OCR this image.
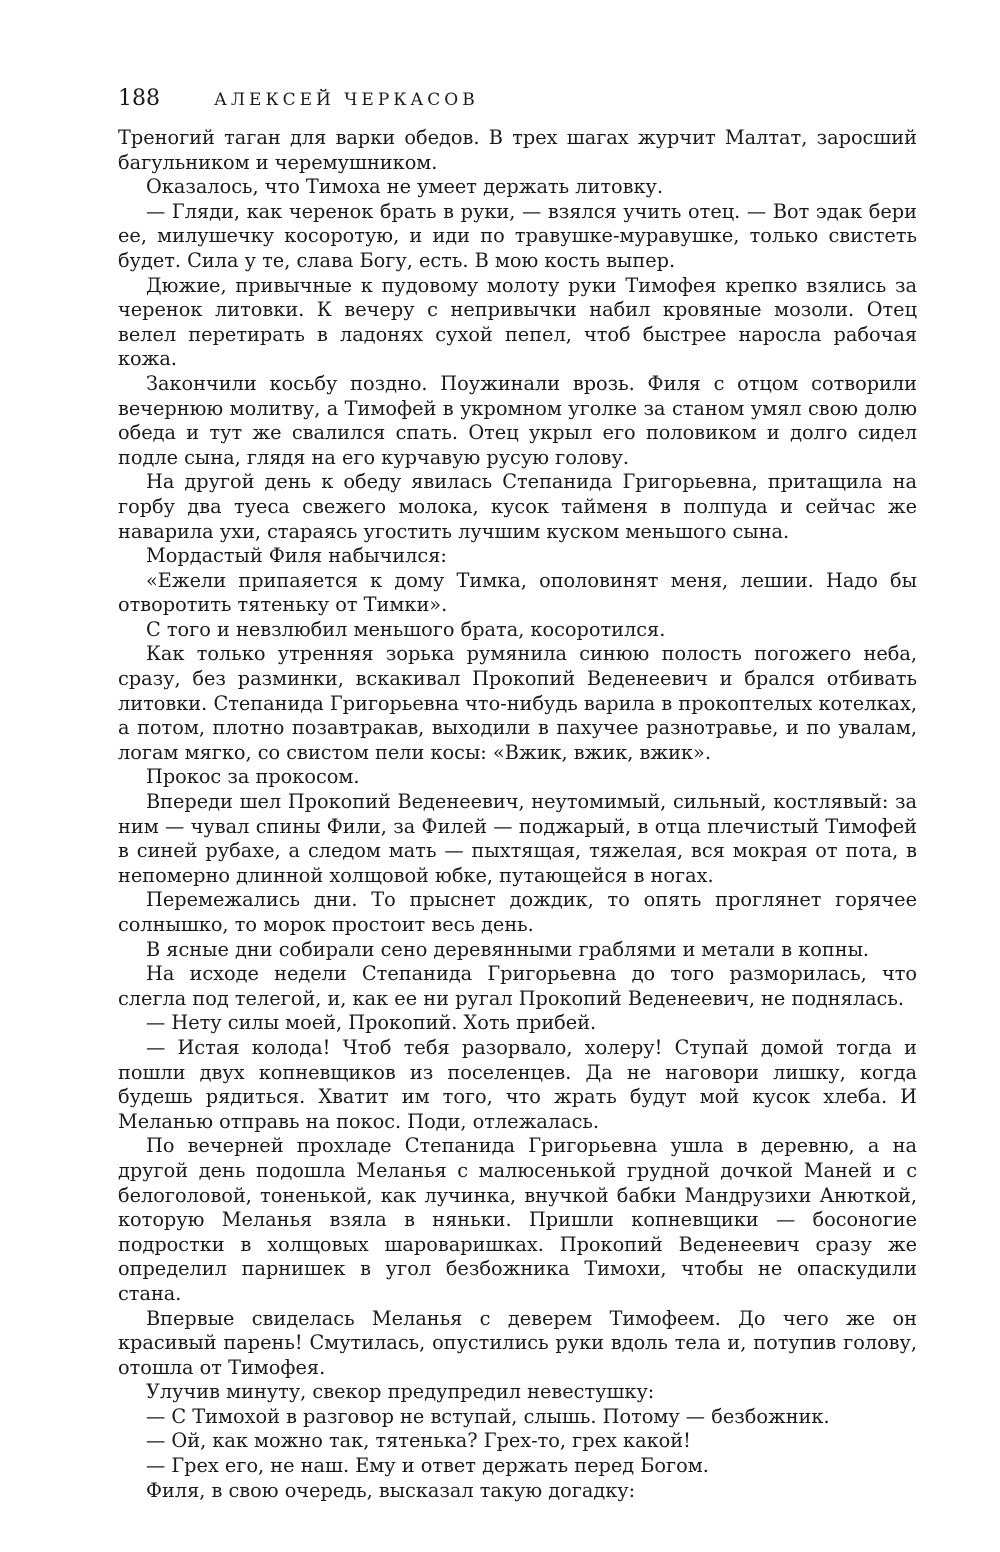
188	АЛЕКСЕЙ ЧЕРКАСОВ

Треногий таган для варки обедов. В трех шагах журчит Малтат, заросший багульником и черемушником.

Оказалось, что Тимоха не умеет держать литовку.

— Гляди, как черенок брать в руки, — взялся учить отец. — Вот эдак бери ее, милушечку косоротую, и иди по травушке-муравушке, только свистеть будет. Сила у те, слава Богу, есть. В мою кость выпер.

Дюжие, привычные к пудовому молоту руки Тимофея крепко взялись за черенок литовки. К вечеру с непривычки набил кровяные мозоли. Отец велел перетирать в ладонях сухой пепел, чтоб быстрее наросла рабочая кожа.

Закончили косьбу поздно. Поужинали врозь. Филя с отцом сотворили вечернюю молитву, а Тимофей в укромном уголке за станом умял свою долю обеда и тут же свалился спать. Отец укрыл его половиком и долго сидел подле сына, глядя на его курчавую русую голову.

На другой день к обеду явилась Степанида Григорьевна, притащила на горбу два туеса свежего молока, кусок тайменя в полпуда и сейчас же наварила ухи, стараясь угостить лучшим куском меньшого сына.

Мордастый Филя набычился:

«Ежели припаяется к дому Тимка, ополовинят меня, лешии. Надо бы отворотить тятеньку от Тимки».

С того и невзлюбил меньшого брата, косоротился.

Как только утренняя зорька румянила синюю полость погожего неба, сразу, без разминки, вскакивал Прокопий Веденеевич и брался отбивать литовки. Степанида Григорьевна что-нибудь варила в прокоптелых котелках, а потом, плотно позавтракав, выходили в пахучее разнотравье, и по увалам, логам мягко, со свистом пели косы: «Вжик, вжик, вжик».

Прокос за прокосом.

Впереди шел Прокопий Веденеевич, неутомимый, сильный, костлявый: за ним — чувал спины Фили, за Филей — поджарый, в отца плечистый Тимофей в синей рубахе, а следом мать — пыхтящая, тяжелая, вся мокрая от пота, в непомерно длинной холщовой юбке, путающейся в ногах.

Перемежались дни. То прыснет дождик, то опять проглянет горячее солнышко, то морок простоит весь день.

В ясные дни собирали сено деревянными граблями и метали в копны.

На исходе недели Степанида Григорьевна до того разморилась, что слегла под телегой, и, как ее ни ругал Прокопий Веденеевич, не поднялась.

— Нету силы моей, Прокопий. Хоть прибей.

— Истая колода! Чтоб тебя разорвало, холеру! Ступай домой тогда и пошли двух копневщиков из поселенцев. Да не наговори лишку, когда будешь рядиться. Хватит им того, что жрать будут мой кусок хлеба. И Меланью отправь на покос. Поди, отлежалась.

По вечерней прохладе Степанида Григорьевна ушла в деревню, а на другой день подошла Меланья с малюсенькой грудной дочкой Маней и с белоголовой, тоненькой, как лучинка, внучкой бабки Мандрузихи Анюткой, которую Меланья взяла в няньки. Пришли копневщики — босоногие подростки в холщовых шароваришках. Прокопий Веденеевич сразу же определил парнишек в угол безбожника Тимохи, чтобы не опаскудили стана.

Впервые свиделась Меланья с деверем Тимофеем. До чего же он красивый парень! Смутилась, опустились руки вдоль тела и, потупив голову, отошла от Тимофея.

Улучив минуту, свекор предупредил невестушку:

— С Тимохой в разговор не вступай, слышь. Потому — безбожник.

— Ой, как можно так, тятенька? Грех-то, грех какой!

— Грех его, не наш. Ему и ответ держать перед Богом.

Филя, в свою очередь, высказал такую догадку:
